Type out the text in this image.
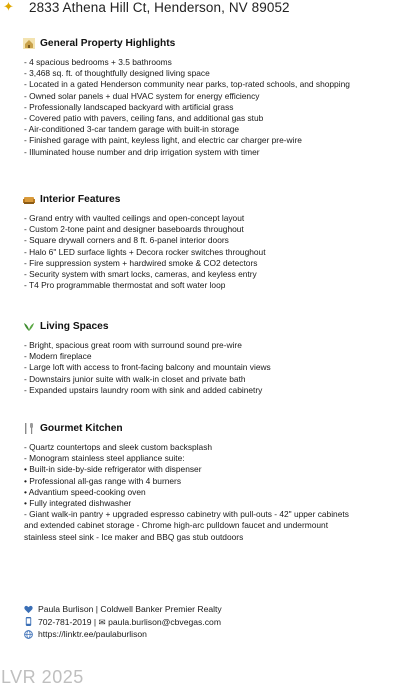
✦	2833 Athena Hill Ct, Henderson, NV 89052
General Property Highlights
- 4 spacious bedrooms + 3.5 bathrooms
- 3,468 sq. ft. of thoughtfully designed living space
- Located in a gated Henderson community near parks, top-rated schools, and shopping
- Owned solar panels + dual HVAC system for energy efficiency
- Professionally landscaped backyard with artificial grass
- Covered patio with pavers, ceiling fans, and additional gas stub
- Air-conditioned 3-car tandem garage with built-in storage
- Finished garage with paint, keyless light, and electric car charger pre-wire
- Illuminated house number and drip irrigation system with timer
Interior Features
- Grand entry with vaulted ceilings and open-concept layout
- Custom 2-tone paint and designer baseboards throughout
- Square drywall corners and 8 ft. 6-panel interior doors
- Halo 6" LED surface lights + Decora rocker switches throughout
- Fire suppression system + hardwired smoke & CO2 detectors
- Security system with smart locks, cameras, and keyless entry
- T4 Pro programmable thermostat and soft water loop
Living Spaces
- Bright, spacious great room with surround sound pre-wire
- Modern fireplace
- Large loft with access to front-facing balcony and mountain views
- Downstairs junior suite with walk-in closet and private bath
- Expanded upstairs laundry room with sink and added cabinetry
Gourmet Kitchen
- Quartz countertops and sleek custom backsplash
- Monogram stainless steel appliance suite:
• Built-in side-by-side refrigerator with dispenser
• Professional all-gas range with 4 burners
• Advantium speed-cooking oven
• Fully integrated dishwasher
- Giant walk-in pantry + upgraded espresso cabinetry with pull-outs - 42" upper cabinets and extended cabinet storage - Chrome high-arc pulldown faucet and undermount stainless steel sink - Ice maker and BBQ gas stub outdoors
Paula Burlison | Coldwell Banker Premier Realty
702-781-2019 | ✉ paula.burlison@cbvegas.com
https://linktr.ee/paulaburlison
LVR 2025
